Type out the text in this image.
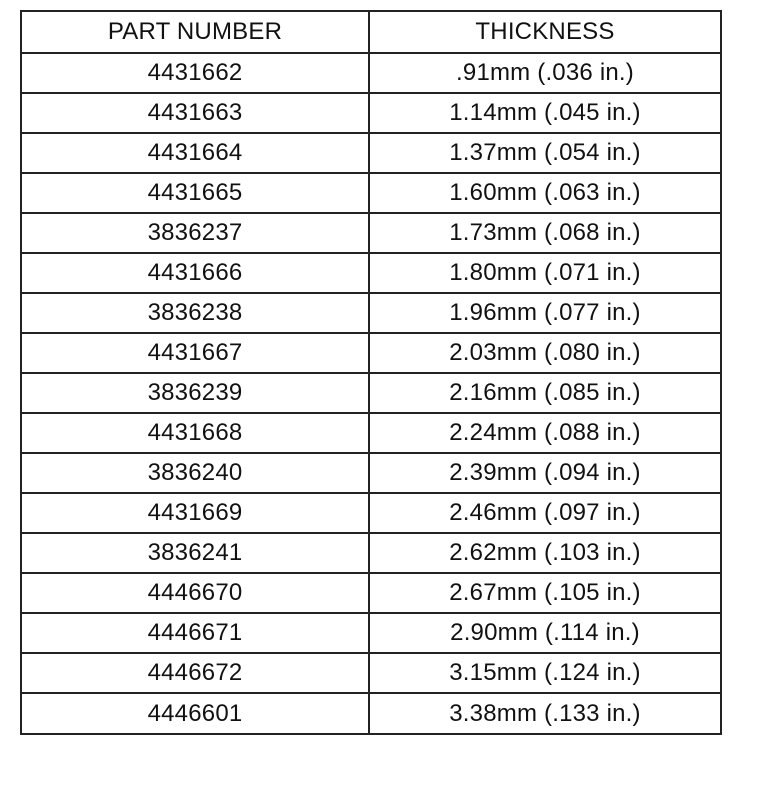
PART NUMBER	THICKNESS
4431662	.91mm (.036 in.)
4431663	1.14mm (.045 in.)
4431664	1.37mm (.054 in.)
4431665	1.60mm (.063 in.)
3836237	1.73mm (.068 in.)
4431666	1.80mm (.071 in.)
3836238	1.96mm (.077 in.)
4431667	2.03mm (.080 in.)
3836239	2.16mm (.085 in.)
4431668	2.24mm (.088 in.)
3836240	2.39mm (.094 in.)
4431669	2.46mm (.097 in.)
3836241	2.62mm (.103 in.)
4446670	2.67mm (.105 in.)
4446671	2.90mm (.114 in.)
4446672	3.15mm (.124 in.)
4446601	3.38mm (.133 in.)
